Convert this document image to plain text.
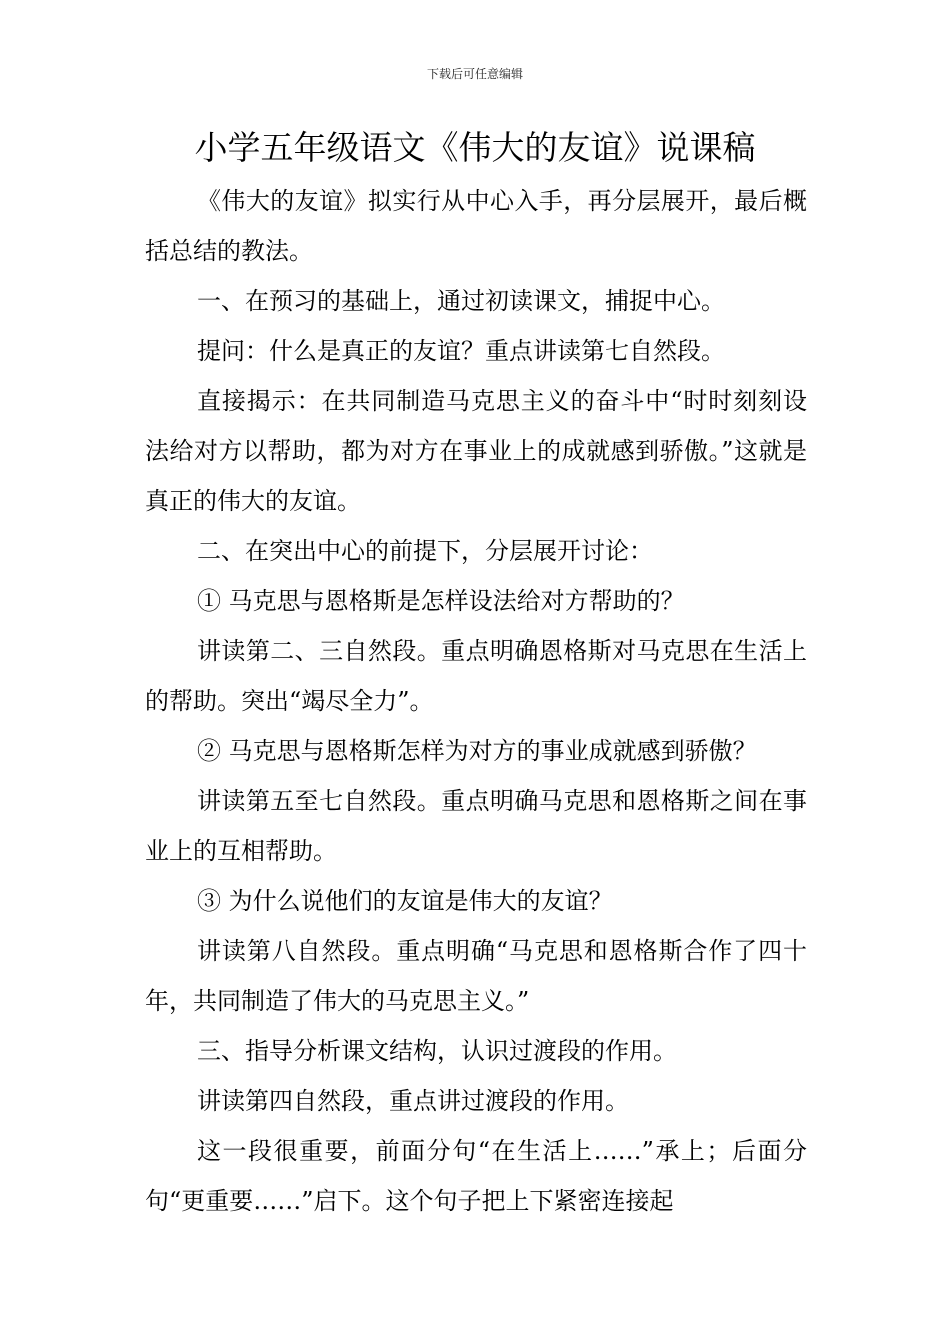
下载后可任意编辑
小学五年级语文《伟大的友谊》说课稿

《伟大的友谊》拟实行从中心入手，再分层展开，最后概括总结的教法。

一、在预习的基础上，通过初读课文，捕捉中心。

提问：什么是真正的友谊？重点讲读第七自然段。

直接揭示：在共同制造马克思主义的奋斗中“时时刻刻设法给对方以帮助，都为对方在事业上的成就感到骄傲。”这就是真正的伟大的友谊。

二、在突出中心的前提下，分层展开讨论：

① 马克思与恩格斯是怎样设法给对方帮助的？

讲读第二、三自然段。重点明确恩格斯对马克思在生活上的帮助。突出“竭尽全力”。

② 马克思与恩格斯怎样为对方的事业成就感到骄傲？

讲读第五至七自然段。重点明确马克思和恩格斯之间在事业上的互相帮助。

③ 为什么说他们的友谊是伟大的友谊？

讲读第八自然段。重点明确“马克思和恩格斯合作了四十年，共同制造了伟大的马克思主义。”

三、指导分析课文结构，认识过渡段的作用。

讲读第四自然段，重点讲过渡段的作用。

这一段很重要，前面分句“在生活上……”承上；后面分句“更重要……”启下。这个句子把上下紧密连接起
